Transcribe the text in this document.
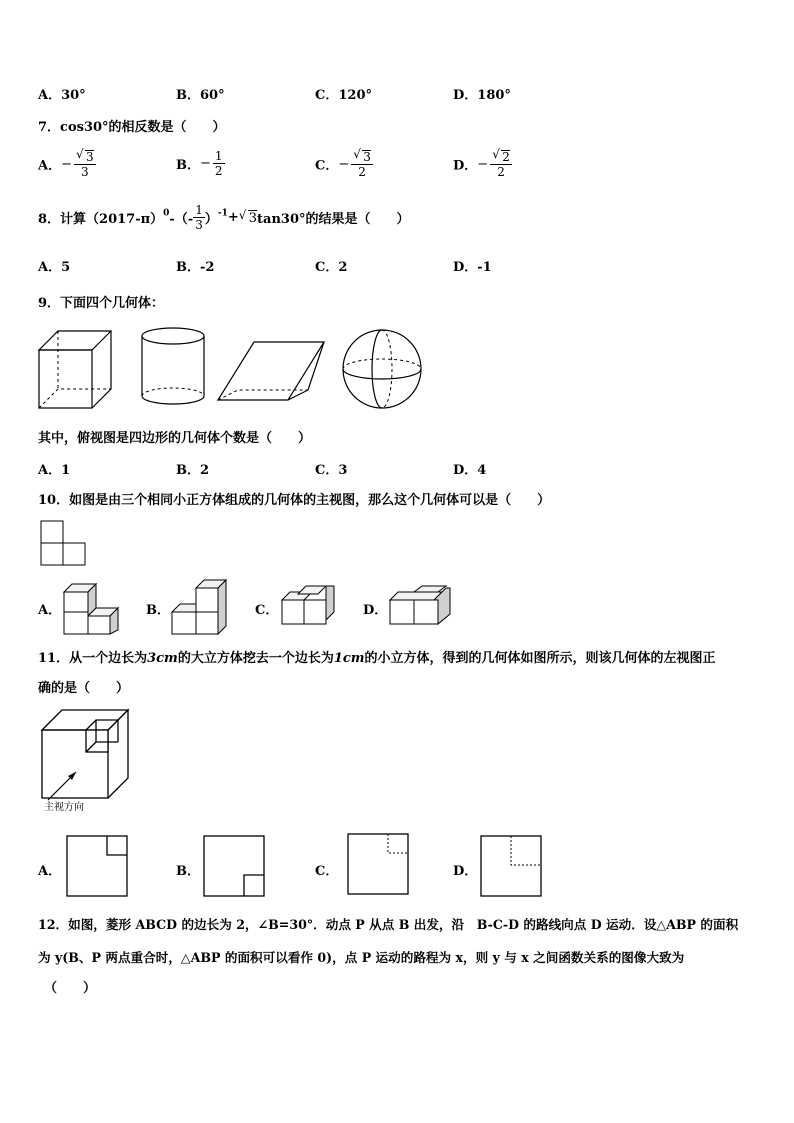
A．30°	B．60°	C．120°	D．180°
7．cos30°的相反数是（　　）
A．−
√ $\frac{3}{3}$	B．− $\frac{1}{2}$	C．−
√ $\frac{3}{2}$	D．−
√ $\frac{2}{2}$
8．计算$(2017-\pi)^0-(- \frac{1}{3} )^{-1}+√$ 3tan30°的结果是（　　）
A．5	B．-2	C．2	D．-1
9．下面四个几何体：
其中，俯视图是四边形的几何体个数是（　　）
A．1	B．2	C．3	D．4
10．如图是由三个相同小正方体组成的几何体的主视图，那么这个几何体可以是（　　）
A．	B．	C．	D．
11．从一个边长为3cm的大立方体挖去一个边长为1cm的小立方体，得到的几何体如图所示，则该几何体的左视图正
确的是（　　）
主视方向
A．	B．	C．	D．
12．如图，菱形 ABCD 的边长为 2，∠B=30°．动点 P 从点 B 出发，沿　B-C-D 的路线向点 D 运动．设△ABP 的面积
为 y(B、P 两点重合时，△ABP 的面积可以看作 0)，点 P 运动的路程为 x，则 y 与 x 之间函数关系的图像大致为
（　　）
